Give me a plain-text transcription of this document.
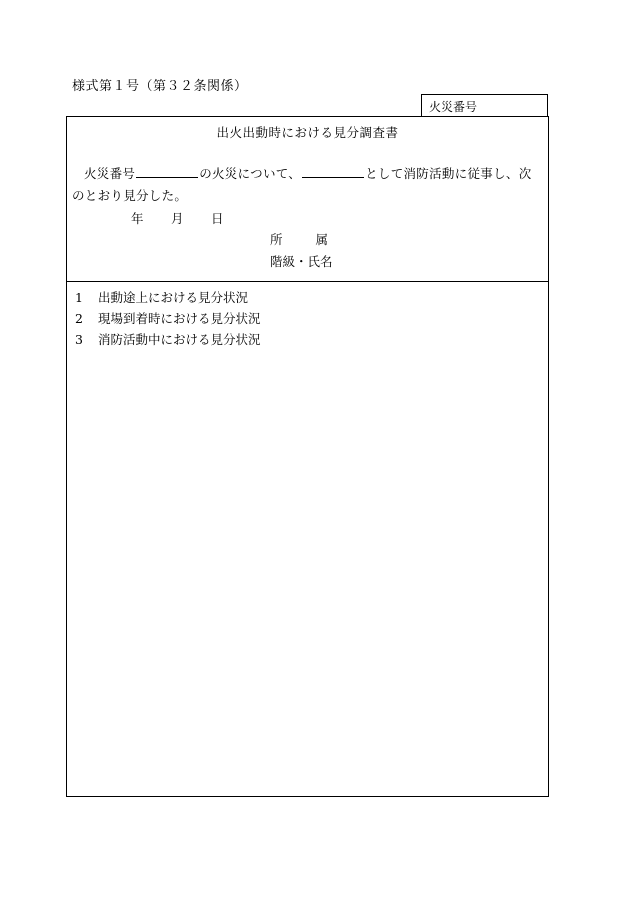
様式第１号（第３２条関係）
火災番号
出火出動時における見分調査書
火災番号	の火災について、	として消防活動に従事し、次
のとおり見分した。
年 月 日
所	属
階級・氏名
1 出動途上における見分状況
2 現場到着時における見分状況
3 消防活動中における見分状況
